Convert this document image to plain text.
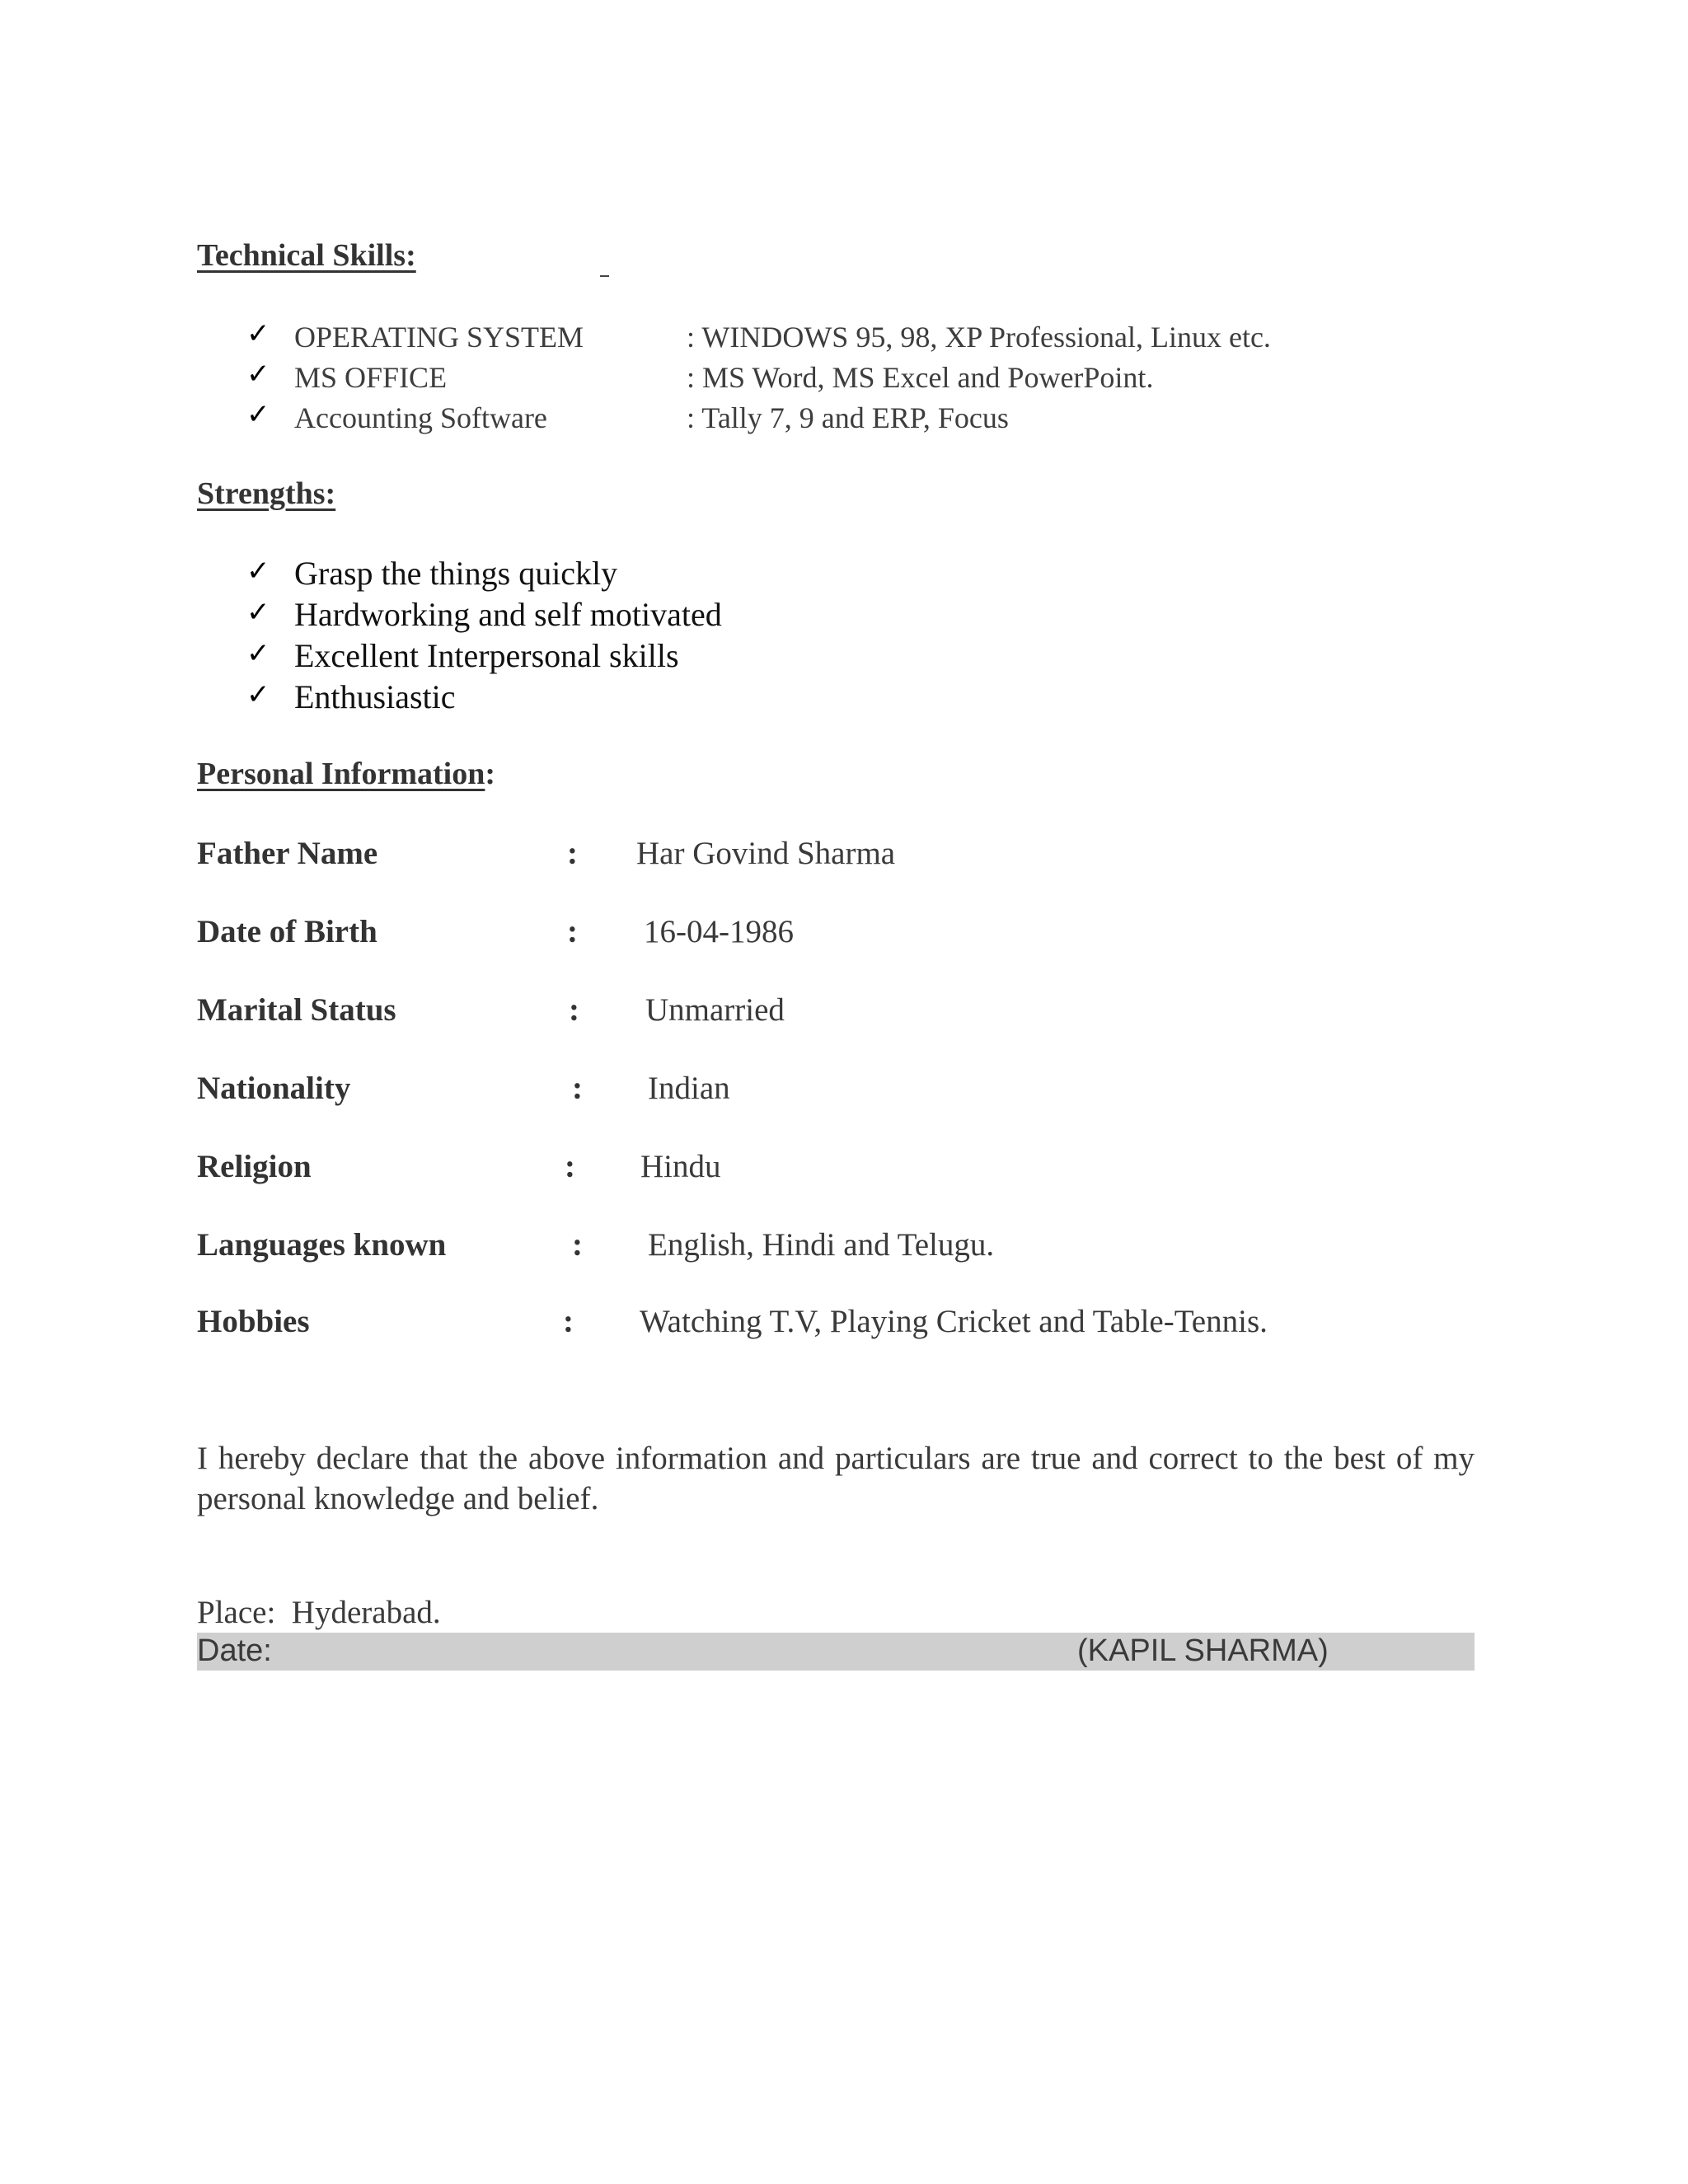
Technical Skills:
✓ OPERATING SYSTEM	: WINDOWS 95, 98, XP Professional, Linux etc.
✓ MS OFFICE	: MS Word, MS Excel and PowerPoint.
✓ Accounting Software	: Tally 7, 9 and ERP, Focus
Strengths:
✓ Grasp the things quickly
✓ Hardworking and self motivated
✓ Excellent Interpersonal skills
✓ Enthusiastic
Personal Information:
Father Name	: Har Govind Sharma
Date of Birth	: 16-04-1986
Marital Status	: Unmarried
Nationality	: Indian
Religion	: Hindu
Languages known	: English, Hindi and Telugu.
Hobbies	: Watching T.V, Playing Cricket and Table-Tennis.
I hereby declare that the above information and particulars are true and correct to the best of my personal knowledge and belief.
Place:  Hyderabad.
Date:	(KAPIL SHARMA)
